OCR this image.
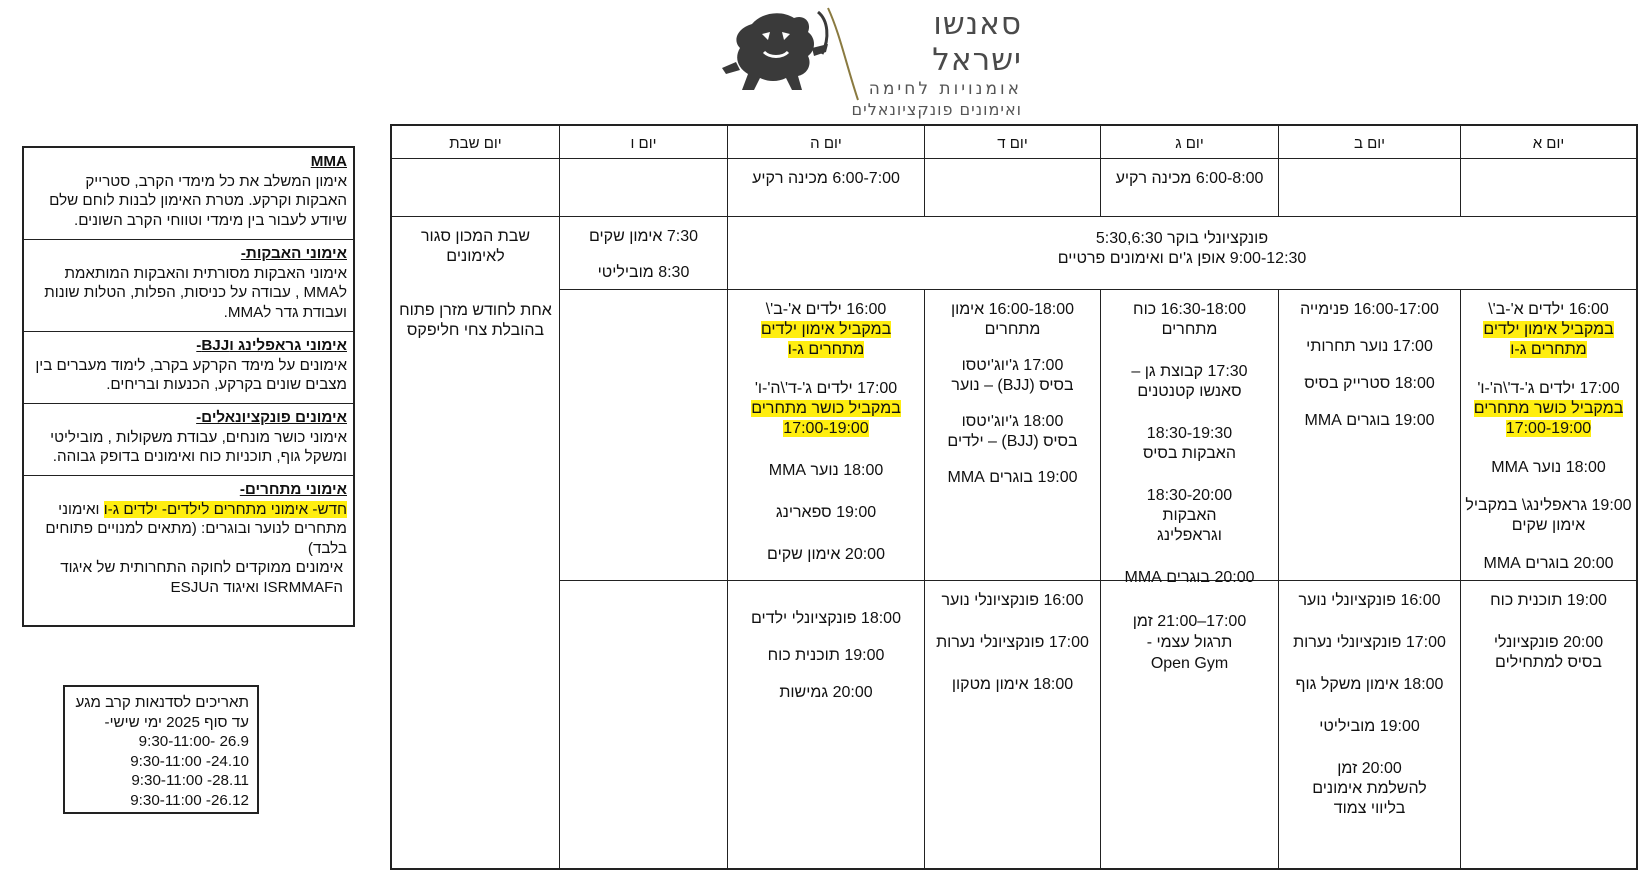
סאנשו ישראל
אומנויות לחימה
ואימונים פונקציונאלים
יום א
יום ב
יום ג
יום ד
יום ה
יום ו
יום שבת

6:00-8:00 מכינה רקיע

6:00-7:00 מכינה רקיע

שבת המכון סגור לאימונים

אחת לחודש מזרן פתוח בהובלת צחי חליפקס

פונקציונלי בוקר 5:30,6:30
9:00-12:30 אופן ג'ים ואימונים פרטיים

7:30 אימון שקים

8:30 מוביליטי

16:00 ילדים א'-ב'\

במקביל אימון ילדים מתחרים ג-ו

17:00 ילדים ג'-ד'\ה'-ו'

במקביל כושר מתחרים 17:00-19:00

18:00 נוער MMA

19:00 גראפלינג\ במקביל אימון שקים

20:00 בוגרים MMA

16:00-17:00 פנימייה

17:00 נוער תחרותי

18:00 סטרייק בסיס

19:00 בוגרים MMA

16:30-18:00 כוח מתחרים

17:30 קבוצת גן – סאנשו קטנטנים

18:30-19:30 האבקות בסיס

18:30-20:00 האבקות וגראפלינג

20:00 בוגרים MMA

16:00-18:00 אימון מתחרים

17:00 ג'יוג'יטסו בסיס (BJJ) – נוער

18:00 ג'יוג'יטסו בסיס (BJJ) – ילדים

19:00 בוגרים MMA

16:00 ילדים א'-ב'\

במקביל אימון ילדים מתחרים ג-ו

17:00 ילדים ג'-ד'\ה'-ו'

במקביל כושר מתחרים 17:00-19:00

18:00 נוער MMA

19:00 ספארינג

20:00 אימון שקים

19:00 תוכנית כוח

20:00 פונקציונלי בסיס למתחילים

16:00 פונקציונלי נוער

17:00 פונקציונלי נערות

18:00 אימון משקל גוף

19:00 מוביליטי

20:00 זמן להשלמת אימונים בליווי צמוד

17:00–21:00 זמן תרגול עצמי - Open Gym

16:00 פונקציונלי נוער

17:00 פונקציונלי נערות

18:00 אימון מטקון

18:00 פונקציונלי ילדים

19:00 תוכנית כוח

20:00 גמישות

MMA
אימון המשלב את כל מימדי הקרב, סטרייק האבקות וקרקע. מטרת האימון לבנות לוחם שלם שיודע לעבור בין מימדי וטווחי הקרב השונים.
אימוני האבקות-
אימוני האבקות מסורתית והאבקות המותאמת לMMA , עבודה על כניסות, הפלות, הטלות שונות ועבודת גדר לMMA.
אימוני גראפלינג וBJJ-
אימונים על מימד הקרקע בקרב, לימוד מעברים בין מצבים שונים בקרקע, הכנעות ובריחים.
אימונים פונקציונאלים-
אימוני כושר מונחים, עבודת משקולות , מוביליטי ומשקל גוף, תוכניות כוח ואימונים בדופק גבוהה.
אימוני מתחרים-
חדש- אימוני מתחרים לילדים- ילדים ג-ו ואימוני מתחרים לנוער ובוגרים: (מתאים למנויים פתוחים בלבד)
אימונים ממוקדים לחוקה התחרותית של איגוד הISRMMAF ואיגוד הESJU
תאריכים לסדנאות קרב מגע עד סוף 2025 ימי שישי-
26.9 -9:30-11:00
24.10- 9:30-11:00
28.11- 9:30-11:00
26.12- 9:30-11:00
